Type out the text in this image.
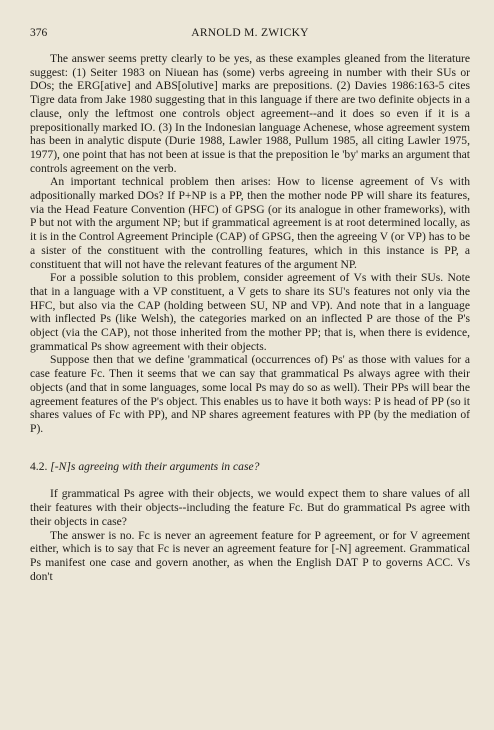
376	ARNOLD M. ZWICKY

The answer seems pretty clearly to be yes, as these examples gleaned from the literature suggest: (1) Seiter 1983 on Niuean has (some) verbs agreeing in number with their SUs or DOs; the ERG[ative] and ABS[olutive] marks are prepositions. (2) Davies 1986:163-5 cites Tigre data from Jake 1980 suggesting that in this language if there are two definite objects in a clause, only the leftmost one controls object agreement--and it does so even if it is a prepositionally marked IO. (3) In the Indonesian language Achenese, whose agreement system has been in analytic dispute (Durie 1988, Lawler 1988, Pullum 1985, all citing Lawler 1975, 1977), one point that has not been at issue is that the preposition le 'by' marks an argument that controls agreement on the verb.

An important technical problem then arises: How to license agreement of Vs with adpositionally marked DOs? If P+NP is a PP, then the mother node PP will share its features, via the Head Feature Convention (HFC) of GPSG (or its analogue in other frameworks), with P but not with the argument NP; but if grammatical agreement is at root determined locally, as it is in the Control Agreement Principle (CAP) of GPSG, then the agreeing V (or VP) has to be a sister of the constituent with the controlling features, which in this instance is PP, a constituent that will not have the relevant features of the argument NP.

For a possible solution to this problem, consider agreement of Vs with their SUs. Note that in a language with a VP constituent, a V gets to share its SU's features not only via the HFC, but also via the CAP (holding between SU, NP and VP). And note that in a language with inflected Ps (like Welsh), the categories marked on an inflected P are those of the P's object (via the CAP), not those inherited from the mother PP; that is, when there is evidence, grammatical Ps show agreement with their objects.

Suppose then that we define 'grammatical (occurrences of) Ps' as those with values for a case feature Fc. Then it seems that we can say that grammatical Ps always agree with their objects (and that in some languages, some local Ps may do so as well). Their PPs will bear the agreement features of the P's object. This enables us to have it both ways: P is head of PP (so it shares values of Fc with PP), and NP shares agreement features with PP (by the mediation of P).

4.2. [-N]s agreeing with their arguments in case?

If grammatical Ps agree with their objects, we would expect them to share values of all their features with their objects--including the feature Fc. But do grammatical Ps agree with their objects in case?

The answer is no. Fc is never an agreement feature for P agreement, or for V agreement either, which is to say that Fc is never an agreement feature for [-N] agreement. Grammatical Ps manifest one case and govern another, as when the English DAT P to governs ACC. Vs don't
